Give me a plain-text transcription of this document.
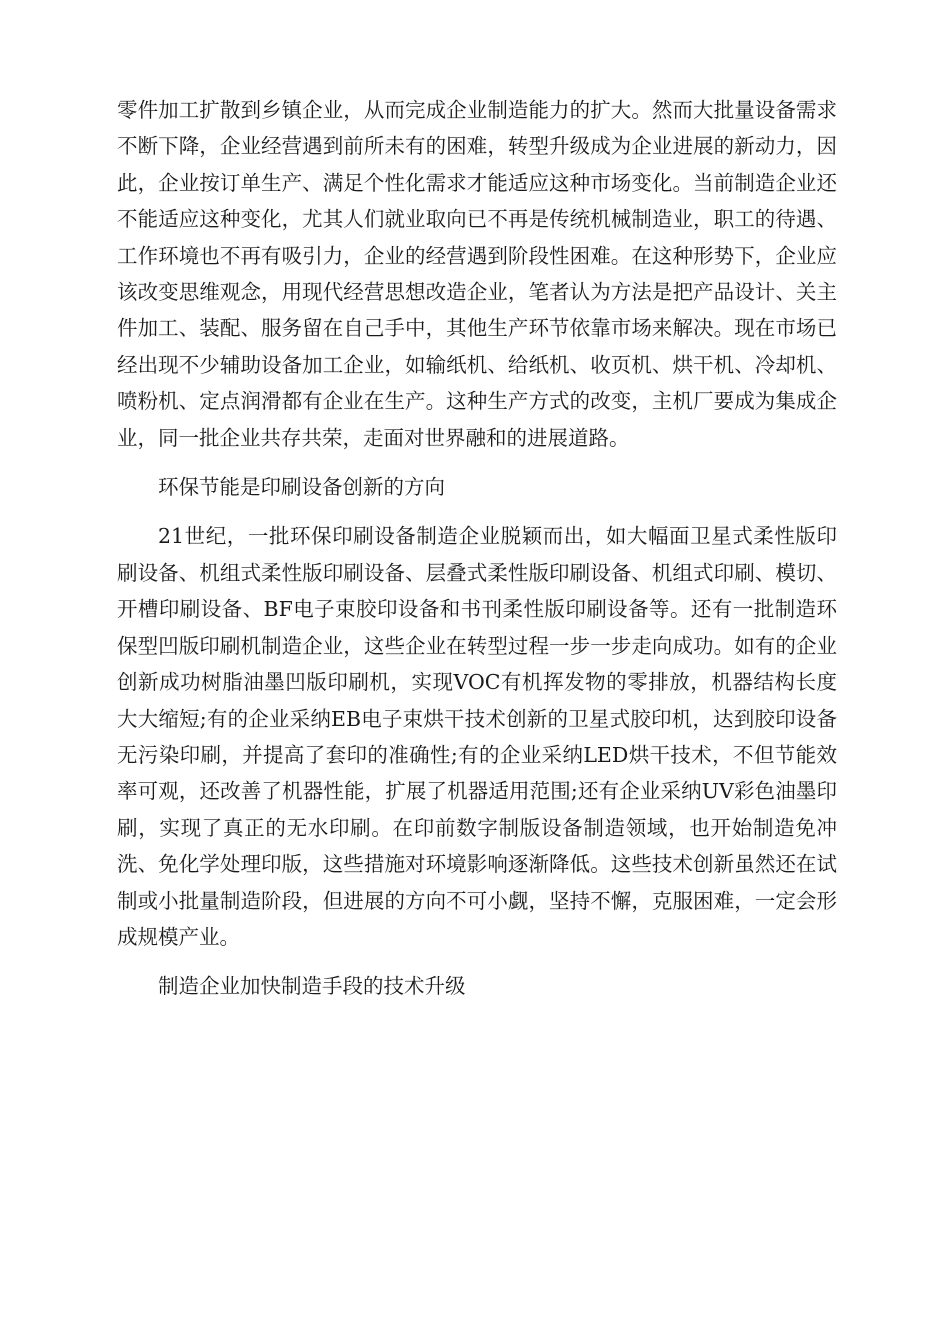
零件加工扩散到乡镇企业，从而完成企业制造能力的扩大。然而大批量设备需求不断下降，企业经营遇到前所未有的困难，转型升级成为企业进展的新动力，因此，企业按订单生产、满足个性化需求才能适应这种市场变化。当前制造企业还不能适应这种变化，尤其人们就业取向已不再是传统机械制造业，职工的待遇、工作环境也不再有吸引力，企业的经营遇到阶段性困难。在这种形势下，企业应该改变思维观念，用现代经营思想改造企业，笔者认为方法是把产品设计、关主件加工、装配、服务留在自己手中，其他生产环节依靠市场来解决。现在市场已经出现不少辅助设备加工企业，如输纸机、给纸机、收页机、烘干机、冷却机、喷粉机、定点润滑都有企业在生产。这种生产方式的改变，主机厂要成为集成企业，同一批企业共存共荣，走面对世界融和的进展道路。

环保节能是印刷设备创新的方向

21世纪，一批环保印刷设备制造企业脱颖而出，如大幅面卫星式柔性版印刷设备、机组式柔性版印刷设备、层叠式柔性版印刷设备、机组式印刷、模切、开槽印刷设备、BF电子束胶印设备和书刊柔性版印刷设备等。还有一批制造环保型凹版印刷机制造企业，这些企业在转型过程一步一步走向成功。如有的企业创新成功树脂油墨凹版印刷机，实现VOC有机挥发物的零排放，机器结构长度大大缩短;有的企业采纳EB电子束烘干技术创新的卫星式胶印机，达到胶印设备无污染印刷，并提高了套印的准确性;有的企业采纳LED烘干技术，不但节能效率可观，还改善了机器性能，扩展了机器适用范围;还有企业采纳UV彩色油墨印刷，实现了真正的无水印刷。在印前数字制版设备制造领域，也开始制造免冲洗、免化学处理印版，这些措施对环境影响逐渐降低。这些技术创新虽然还在试制或小批量制造阶段，但进展的方向不可小觑，坚持不懈，克服困难，一定会形成规模产业。

制造企业加快制造手段的技术升级
